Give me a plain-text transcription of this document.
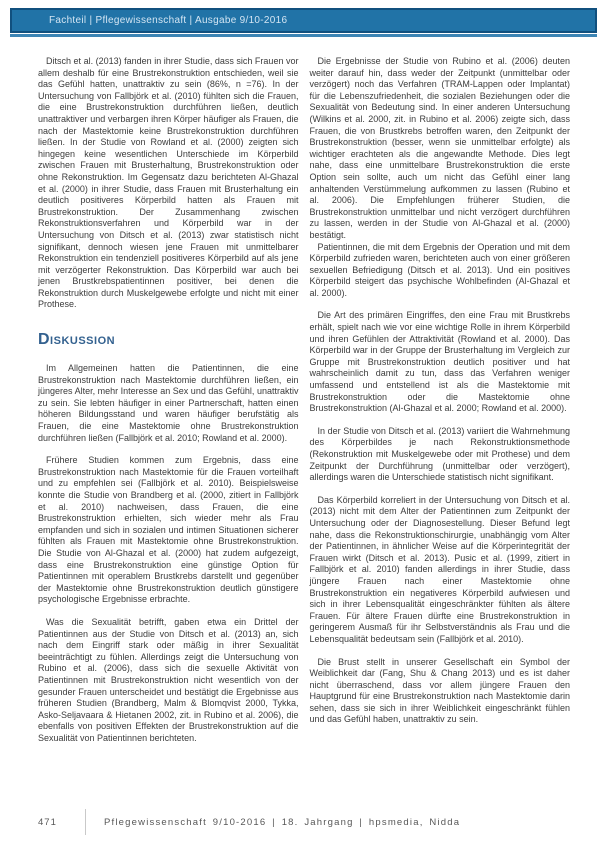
Fachteil | Pflegewissenschaft | Ausgabe 9/10-2016

Ditsch et al. (2013) fanden in ihrer Studie, dass sich Frauen vor allem deshalb für eine Brustrekonstruktion entschieden, weil sie das Gefühl hatten, unattraktiv zu sein (86%, n =76). In der Untersuchung von Fallbjörk et al. (2010) fühlten sich die Frauen, die eine Brustrekonstruktion durchführen ließen, deutlich unattraktiver und verbargen ihren Körper häufiger als Frauen, die nach der Mastektomie keine Brustrekonstruktion durchführen ließen. In der Studie von Rowland et al. (2000) zeigten sich hingegen keine wesentlichen Unterschiede im Körperbild zwischen Frauen mit Brusterhaltung, Brustrekonstruktion oder ohne Rekonstruktion. Im Gegensatz dazu berichteten Al-Ghazal et al. (2000) in ihrer Studie, dass Frauen mit Brusterhaltung ein deutlich positiveres Körperbild hatten als Frauen mit Brustrekonstruktion. Der Zusammenhang zwischen Rekonstruktionsverfahren und Körperbild war in der Untersuchung von Ditsch et al. (2013) zwar statistisch nicht signifikant, dennoch wiesen jene Frauen mit unmittelbarer Rekonstruktion ein tendenziell positiveres Körperbild auf als jene mit verzögerter Rekonstruktion. Das Körperbild war auch bei jenen Brustkrebspatientinnen positiver, bei denen die Rekonstruktion durch Muskelgewebe erfolgte und nicht mit einer Prothese.

Diskussion

Im Allgemeinen hatten die Patientinnen, die eine Brustrekonstruktion nach Mastektomie durchführen ließen, ein jüngeres Alter, mehr Interesse an Sex und das Gefühl, unattraktiv zu sein. Sie lebten häufiger in einer Partnerschaft, hatten einen höheren Bildungsstand und waren häufiger berufstätig als Frauen, die eine Mastektomie ohne Brustrekonstruktion durchführen ließen (Fallbjörk et al. 2010; Rowland et al. 2000).

Frühere Studien kommen zum Ergebnis, dass eine Brustrekonstruktion nach Mastektomie für die Frauen vorteilhaft und zu empfehlen sei (Fallbjörk et al. 2010). Beispielsweise konnte die Studie von Brandberg et al. (2000, zitiert in Fallbjörk et al. 2010) nachweisen, dass Frauen, die eine Brustrekonstruktion erhielten, sich wieder mehr als Frau empfanden und sich in sozialen und intimen Situationen sicherer fühlten als Frauen mit Mastektomie ohne Brustrekonstruktion. Die Studie von Al-Ghazal et al. (2000) hat zudem aufgezeigt, dass eine Brustrekonstruktion eine günstige Option für Patientinnen mit operablem Brustkrebs darstellt und gegenüber der Mastektomie ohne Brustrekonstruktion deutlich günstigere psychologische Ergebnisse erbrachte.

Was die Sexualität betrifft, gaben etwa ein Drittel der Patientinnen aus der Studie von Ditsch et al. (2013) an, sich nach dem Eingriff stark oder mäßig in ihrer Sexualität beeinträchtigt zu fühlen. Allerdings zeigt die Untersuchung von Rubino et al. (2006), dass sich die sexuelle Aktivität von Patientinnen mit Brustrekonstruktion nicht wesentlich von der gesunder Frauen unterscheidet und bestätigt die Ergebnisse aus früheren Studien (Brandberg, Malm & Blomqvist 2000, Tykka, Asko-Seljavaara & Hietanen 2002, zit. in Rubino et al. 2006), die ebenfalls von positiven Effekten der Brustrekonstruktion auf die Sexualität von Patientinnen berichteten.

Die Ergebnisse der Studie von Rubino et al. (2006) deuten weiter darauf hin, dass weder der Zeitpunkt (unmittelbar oder verzögert) noch das Verfahren (TRAM-Lappen oder Implantat) für die Lebenszufriedenheit, die sozialen Beziehungen oder die Sexualität von Bedeutung sind. In einer anderen Untersuchung (Wilkins et al. 2000, zit. in Rubino et al. 2006) zeigte sich, dass Frauen, die von Brustkrebs betroffen waren, den Zeitpunkt der Brustrekonstruktion (besser, wenn sie unmittelbar erfolgte) als wichtiger erachteten als die angewandte Methode. Dies legt nahe, dass eine unmittelbare Brustrekonstruktion die erste Option sein sollte, auch um nicht das Gefühl einer lang anhaltenden Verstümmelung aufkommen zu lassen (Rubino et al. 2006). Die Empfehlungen früherer Studien, die Brustrekonstruktion unmittelbar und nicht verzögert durchführen zu lassen, werden in der Studie von Al-Ghazal et al. (2000) bestätigt.

Patientinnen, die mit dem Ergebnis der Operation und mit dem Körperbild zufrieden waren, berichteten auch von einer größeren sexuellen Befriedigung (Ditsch et al. 2013). Und ein positives Körperbild steigert das psychische Wohlbefinden (Al-Ghazal et al. 2000).

Die Art des primären Eingriffes, den eine Frau mit Brustkrebs erhält, spielt nach wie vor eine wichtige Rolle in ihrem Körperbild und ihren Gefühlen der Attraktivität (Rowland et al. 2000). Das Körperbild war in der Gruppe der Brusterhaltung im Vergleich zur Gruppe mit Brustrekonstruktion deutlich positiver und hat wahrscheinlich damit zu tun, dass das Verfahren weniger umfassend und entstellend ist als die Mastektomie mit Brustrekonstruktion oder die Mastektomie ohne Brustrekonstruktion (Al-Ghazal et al. 2000; Rowland et al. 2000).

In der Studie von Ditsch et al. (2013) variiert die Wahrnehmung des Körperbildes je nach Rekonstruktionsmethode (Rekonstruktion mit Muskelgewebe oder mit Prothese) und dem Zeitpunkt der Durchführung (unmittelbar oder verzögert), allerdings waren die Unterschiede statistisch nicht signifikant.

Das Körperbild korreliert in der Untersuchung von Ditsch et al. (2013) nicht mit dem Alter der Patientinnen zum Zeitpunkt der Untersuchung oder der Diagnosestellung. Dieser Befund legt nahe, dass die Rekonstruktionschirurgie, unabhängig vom Alter der Patientinnen, in ähnlicher Weise auf die Körperintegrität der Frauen wirkt (Ditsch et al. 2013). Pusic et al. (1999, zitiert in Fallbjörk et al. 2010) fanden allerdings in ihrer Studie, dass jüngere Frauen nach einer Mastektomie ohne Brustrekonstruktion ein negativeres Körperbild aufwiesen und sich in ihrer Lebensqualität eingeschränkter fühlten als ältere Frauen. Für ältere Frauen dürfte eine Brustrekonstruktion in geringerem Ausmaß für ihr Selbstverständnis als Frau und die Lebensqualität bedeutsam sein (Fallbjörk et al. 2010).

Die Brust stellt in unserer Gesellschaft ein Symbol der Weiblichkeit dar (Fang, Shu & Chang 2013) und es ist daher nicht überraschend, dass vor allem jüngere Frauen den Hauptgrund für eine Brustrekonstruktion nach Mastektomie darin sehen, dass sie sich in ihrer Weiblichkeit eingeschränkt fühlen und das Gefühl haben, unattraktiv zu sein.

471	Pflegewissenschaft 9/10-2016 | 18. Jahrgang | hpsmedia, Nidda
